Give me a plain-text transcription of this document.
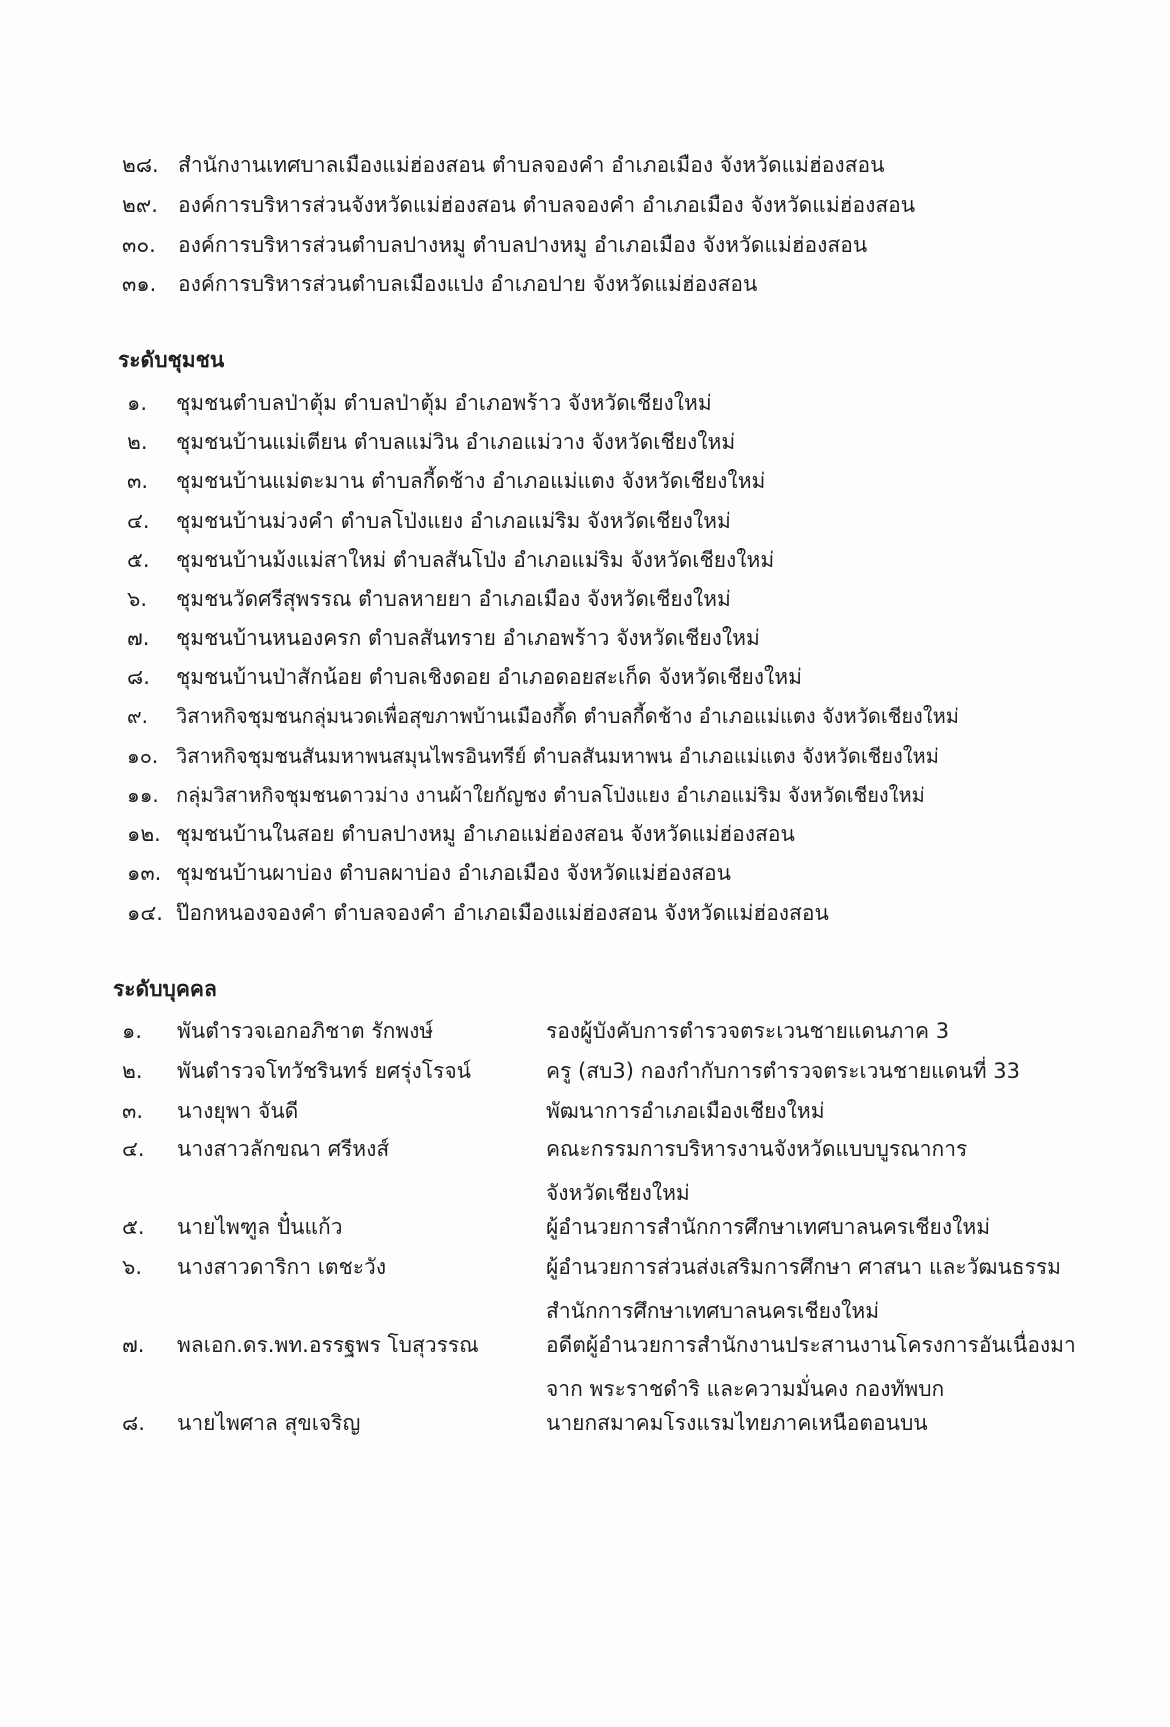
๒๘. สำนักงานเทศบาลเมืองแม่ฮ่องสอน ตำบลจองคำ อำเภอเมือง จังหวัดแม่ฮ่องสอน
๒๙. องค์การบริหารส่วนจังหวัดแม่ฮ่องสอน ตำบลจองคำ อำเภอเมือง จังหวัดแม่ฮ่องสอน
๓๐. องค์การบริหารส่วนตำบลปางหมู ตำบลปางหมู อำเภอเมือง จังหวัดแม่ฮ่องสอน
๓๑. องค์การบริหารส่วนตำบลเมืองแปง อำเภอปาย จังหวัดแม่ฮ่องสอน
ระดับชุมชน
๑. ชุมชนตำบลป่าตุ้ม ตำบลป่าตุ้ม อำเภอพร้าว จังหวัดเชียงใหม่
๒. ชุมชนบ้านแม่เตียน ตำบลแม่วิน อำเภอแม่วาง จังหวัดเชียงใหม่
๓. ชุมชนบ้านแม่ตะมาน ตำบลกี้ดช้าง อำเภอแม่แตง จังหวัดเชียงใหม่
๔. ชุมชนบ้านม่วงคำ ตำบลโป่งแยง อำเภอแม่ริม จังหวัดเชียงใหม่
๕. ชุมชนบ้านม้งแม่สาใหม่ ตำบลสันโป่ง อำเภอแม่ริม จังหวัดเชียงใหม่
๖. ชุมชนวัดศรีสุพรรณ ตำบลหายยา อำเภอเมือง จังหวัดเชียงใหม่
๗. ชุมชนบ้านหนองครก ตำบลสันทราย อำเภอพร้าว จังหวัดเชียงใหม่
๘. ชุมชนบ้านป่าสักน้อย ตำบลเชิงดอย อำเภอดอยสะเก็ด จังหวัดเชียงใหม่
๙. วิสาหกิจชุมชนกลุ่มนวดเพื่อสุขภาพบ้านเมืองกึ้ด ตำบลกี้ดช้าง อำเภอแม่แตง จังหวัดเชียงใหม่
๑๐. วิสาหกิจชุมชนสันมหาพนสมุนไพรอินทรีย์ ตำบลสันมหาพน อำเภอแม่แตง จังหวัดเชียงใหม่
๑๑. กลุ่มวิสาหกิจชุมชนดาวม่าง งานผ้าใยกัญชง ตำบลโป่งแยง อำเภอแม่ริม จังหวัดเชียงใหม่
๑๒. ชุมชนบ้านในสอย ตำบลปางหมู อำเภอแม่ฮ่องสอน จังหวัดแม่ฮ่องสอน
๑๓. ชุมชนบ้านผาบ่อง ตำบลผาบ่อง อำเภอเมือง จังหวัดแม่ฮ่องสอน
๑๔. ป๊อกหนองจองคำ ตำบลจองคำ อำเภอเมืองแม่ฮ่องสอน จังหวัดแม่ฮ่องสอน
ระดับบุคคล
๑. พันตำรวจเอกอภิชาต รักพงษ์	รองผู้บังคับการตำรวจตระเวนชายแดนภาค 3
๒. พันตำรวจโทวัชรินทร์ ยศรุ่งโรจน์	ครู (สบ3) กองกำกับการตำรวจตระเวนชายแดนที่ 33
๓. นางยุพา จันดี	พัฒนาการอำเภอเมืองเชียงใหม่
๔. นางสาวลักขณา ศรีหงส์	คณะกรรมการบริหารงานจังหวัดแบบบูรณาการ จังหวัดเชียงใหม่
๕. นายไพฑูล ปั๋นแก้ว	ผู้อำนวยการสำนักการศึกษาเทศบาลนครเชียงใหม่
๖. นางสาวดาริกา เตชะวัง	ผู้อำนวยการส่วนส่งเสริมการศึกษา ศาสนา และวัฒนธรรม สำนักการศึกษาเทศบาลนครเชียงใหม่
๗. พลเอก.ดร.พท.อรรฐพร โบสุวรรณ	อดีตผู้อำนวยการสำนักงานประสานงานโครงการอันเนื่องมาจาก พระราชดำริ และความมั่นคง กองทัพบก
๘. นายไพศาล สุขเจริญ	นายกสมาคมโรงแรมไทยภาคเหนือตอนบน
